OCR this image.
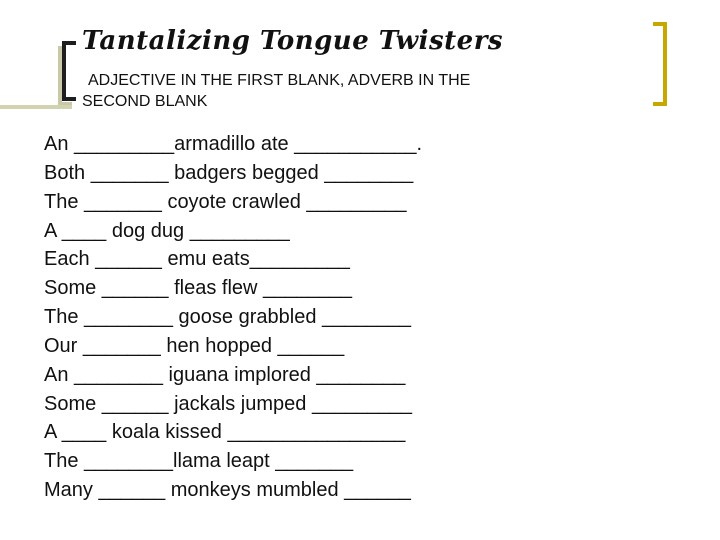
Tantalizing Tongue Twisters
ADJECTIVE IN THE FIRST BLANK, ADVERB IN THE
SECOND BLANK
An _________armadillo ate ___________.
Both _______ badgers begged ________
The _______ coyote crawled _________
A ____ dog dug _________
Each ______ emu eats_________
Some ______ fleas flew ________
The ________ goose grabbled ________
Our _______ hen hopped ______
An ________ iguana implored ________
Some ______ jackals jumped _________
A ____ koala kissed ________________
The ________llama leapt _______
Many ______ monkeys mumbled ______
